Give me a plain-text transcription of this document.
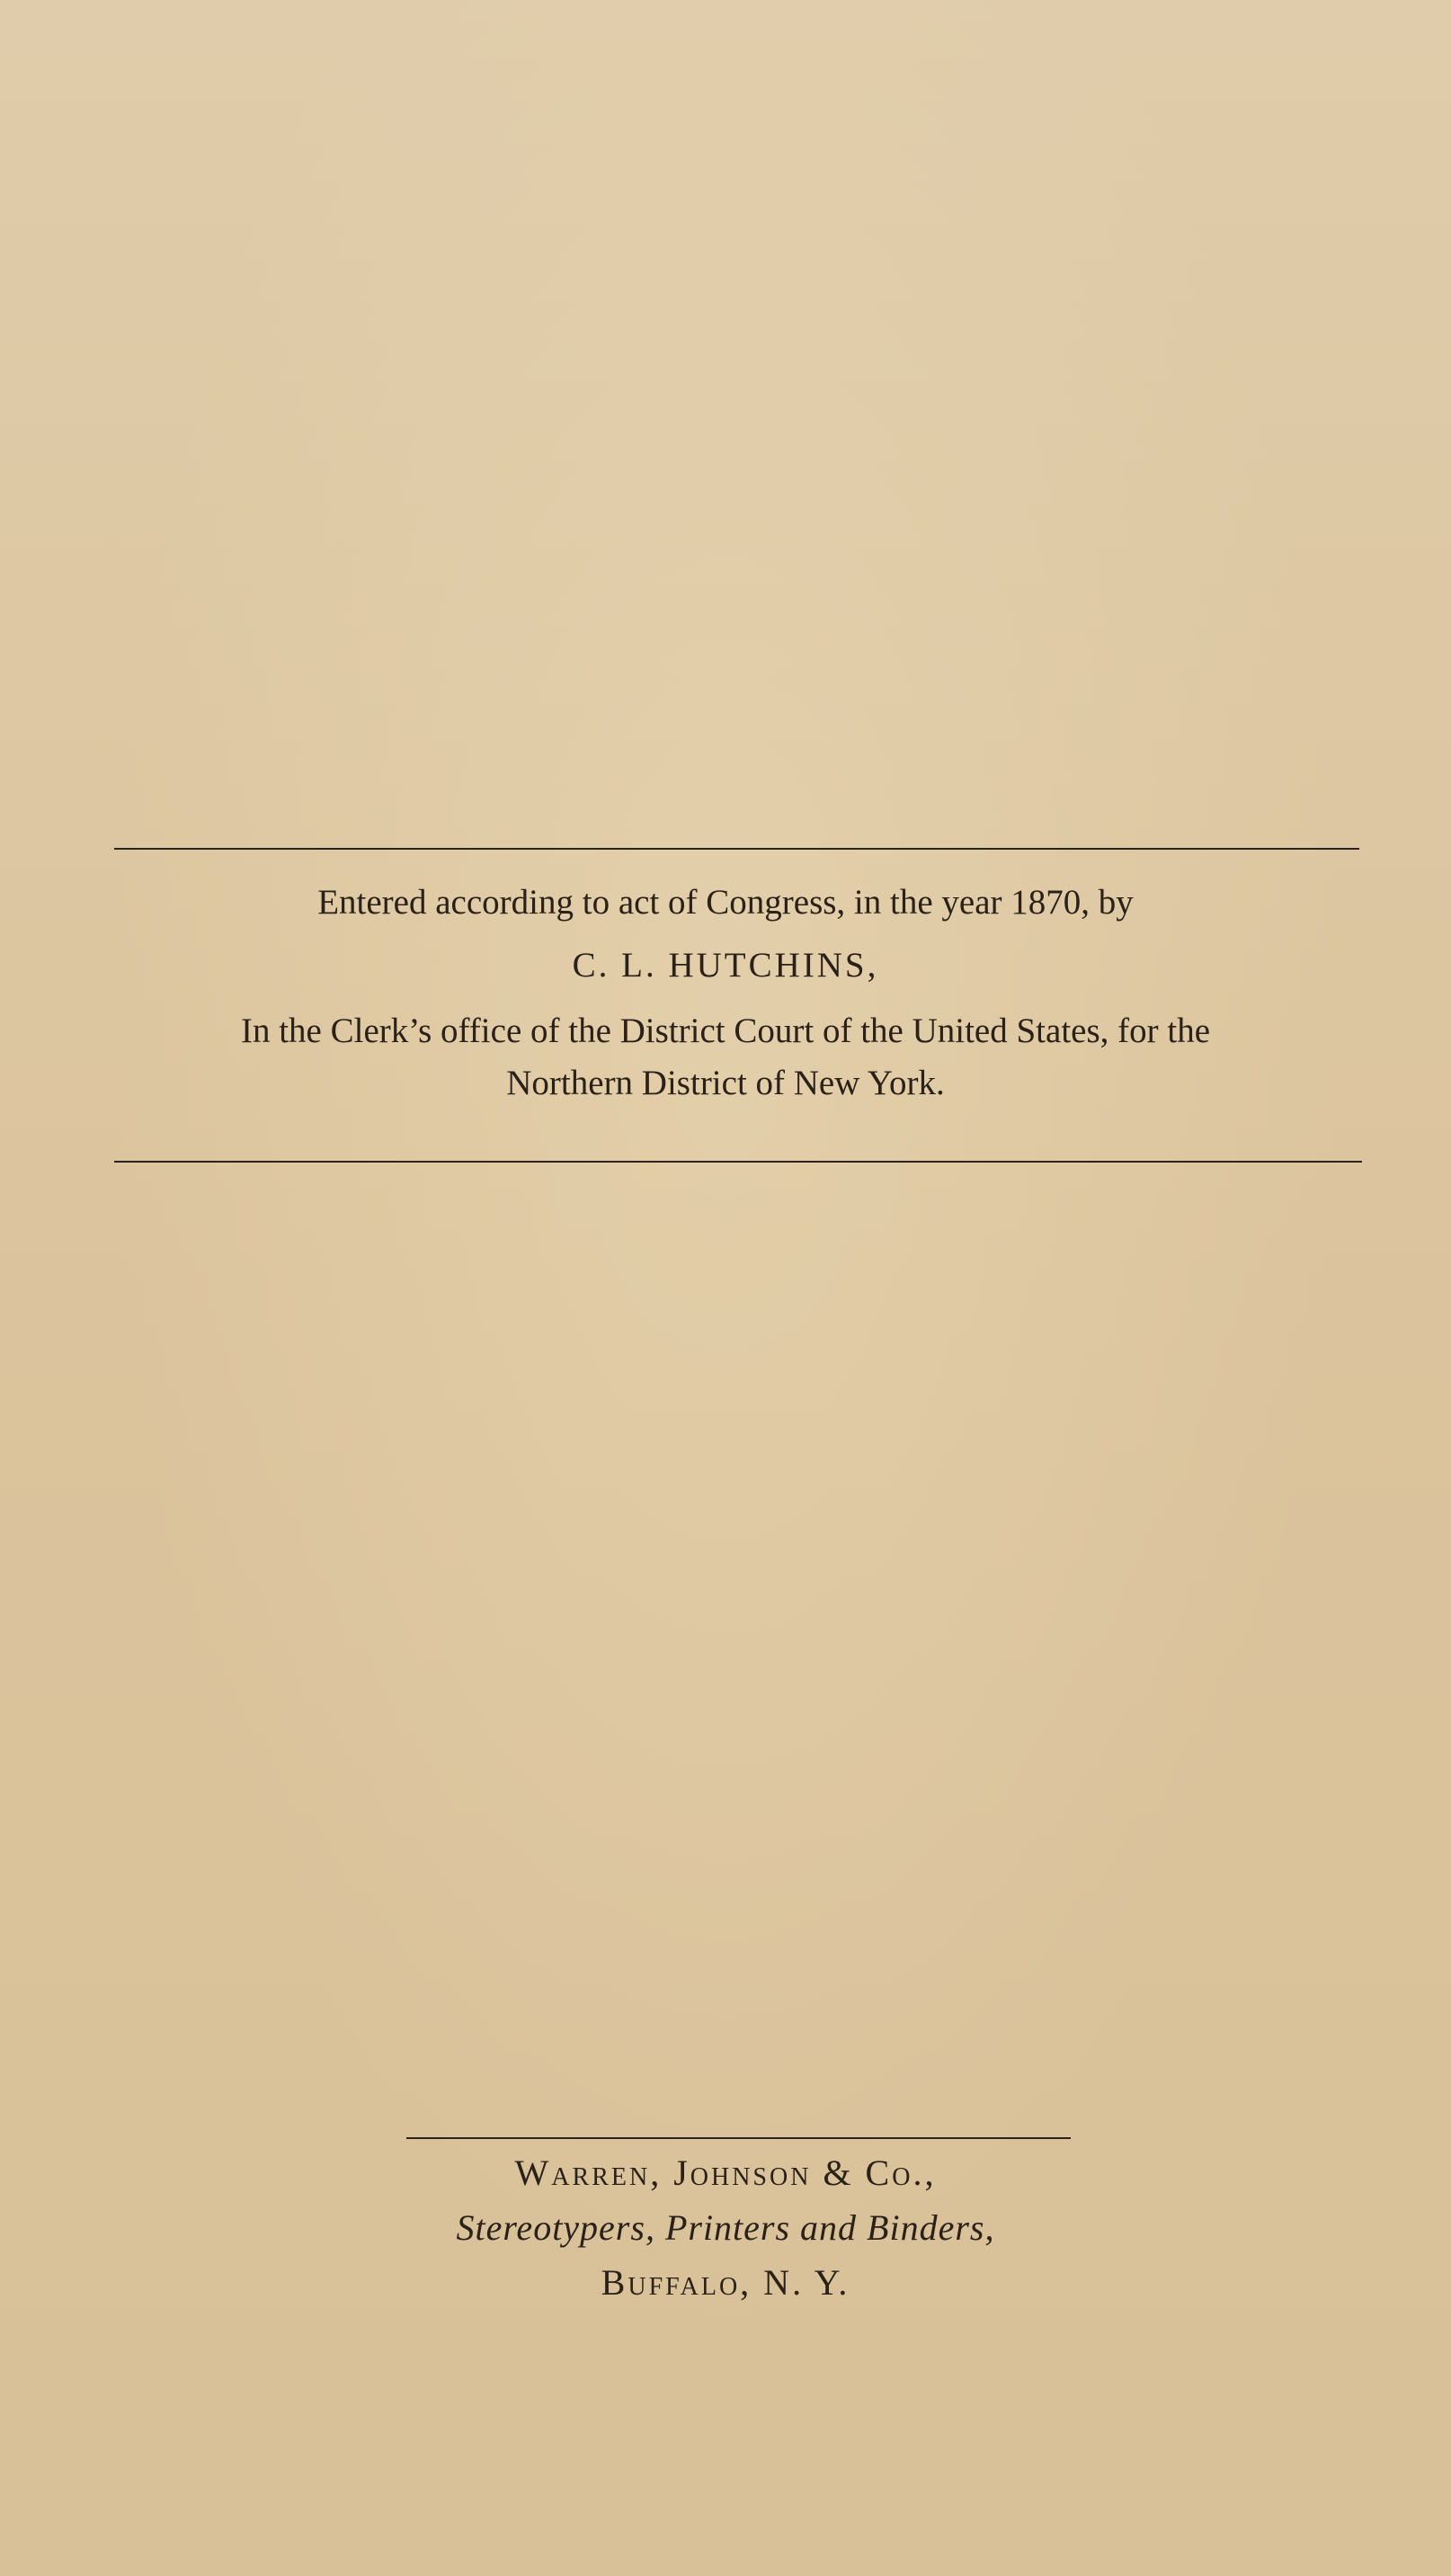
Entered according to act of Congress, in the year 1870, by
C. L. HUTCHINS,
In the Clerk’s office of the District Court of the United States, for the
Northern District of New York.
Warren, Johnson & Co.,
Stereotypers, Printers and Binders,
Buffalo, N. Y.
